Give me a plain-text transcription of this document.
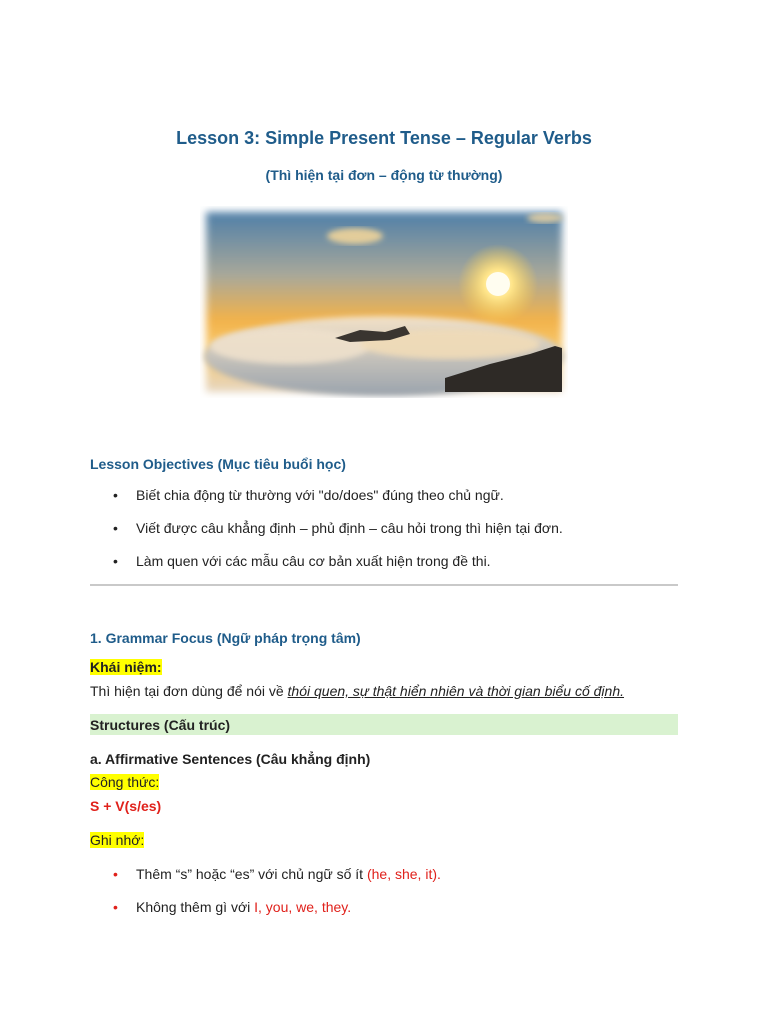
Lesson 3: Simple Present Tense – Regular Verbs
(Thì hiện tại đơn – động từ thường)
Lesson Objectives (Mục tiêu buổi học)
• Biết chia động từ thường với "do/does" đúng theo chủ ngữ.
• Viết được câu khẳng định – phủ định – câu hỏi trong thì hiện tại đơn.
• Làm quen với các mẫu câu cơ bản xuất hiện trong đề thi.
1. Grammar Focus (Ngữ pháp trọng tâm)
Khái niệm:
Thì hiện tại đơn dùng để nói về thói quen, sự thật hiển nhiên và thời gian biểu cố định.
Structures (Cấu trúc)
a. Affirmative Sentences (Câu khẳng định)
Công thức:
S + V(s/es)
Ghi nhớ:
• Thêm “s” hoặc “es” với chủ ngữ số ít (he, she, it).
• Không thêm gì với I, you, we, they.
